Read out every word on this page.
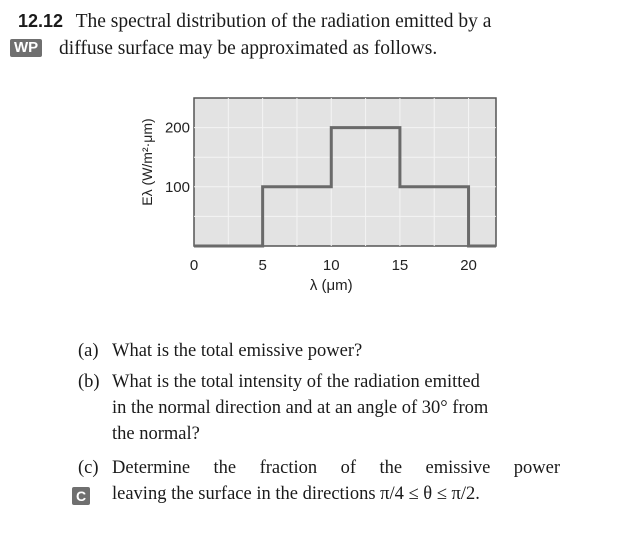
12.12 The spectral distribution of the radiation emitted by a
WP diffuse surface may be approximated as follows.
0	5	10	15	20
100
200
λ (μm)
Eλ (W/m²·μm)
(a) What is the total emissive power?
(b) What is the total intensity of the radiation emitted
in the normal direction and at an angle of 30° from
the normal?
(c) Determine the fraction of the emissive power
leaving the surface in the directions π/4 ≤ θ ≤ π/2.
C
